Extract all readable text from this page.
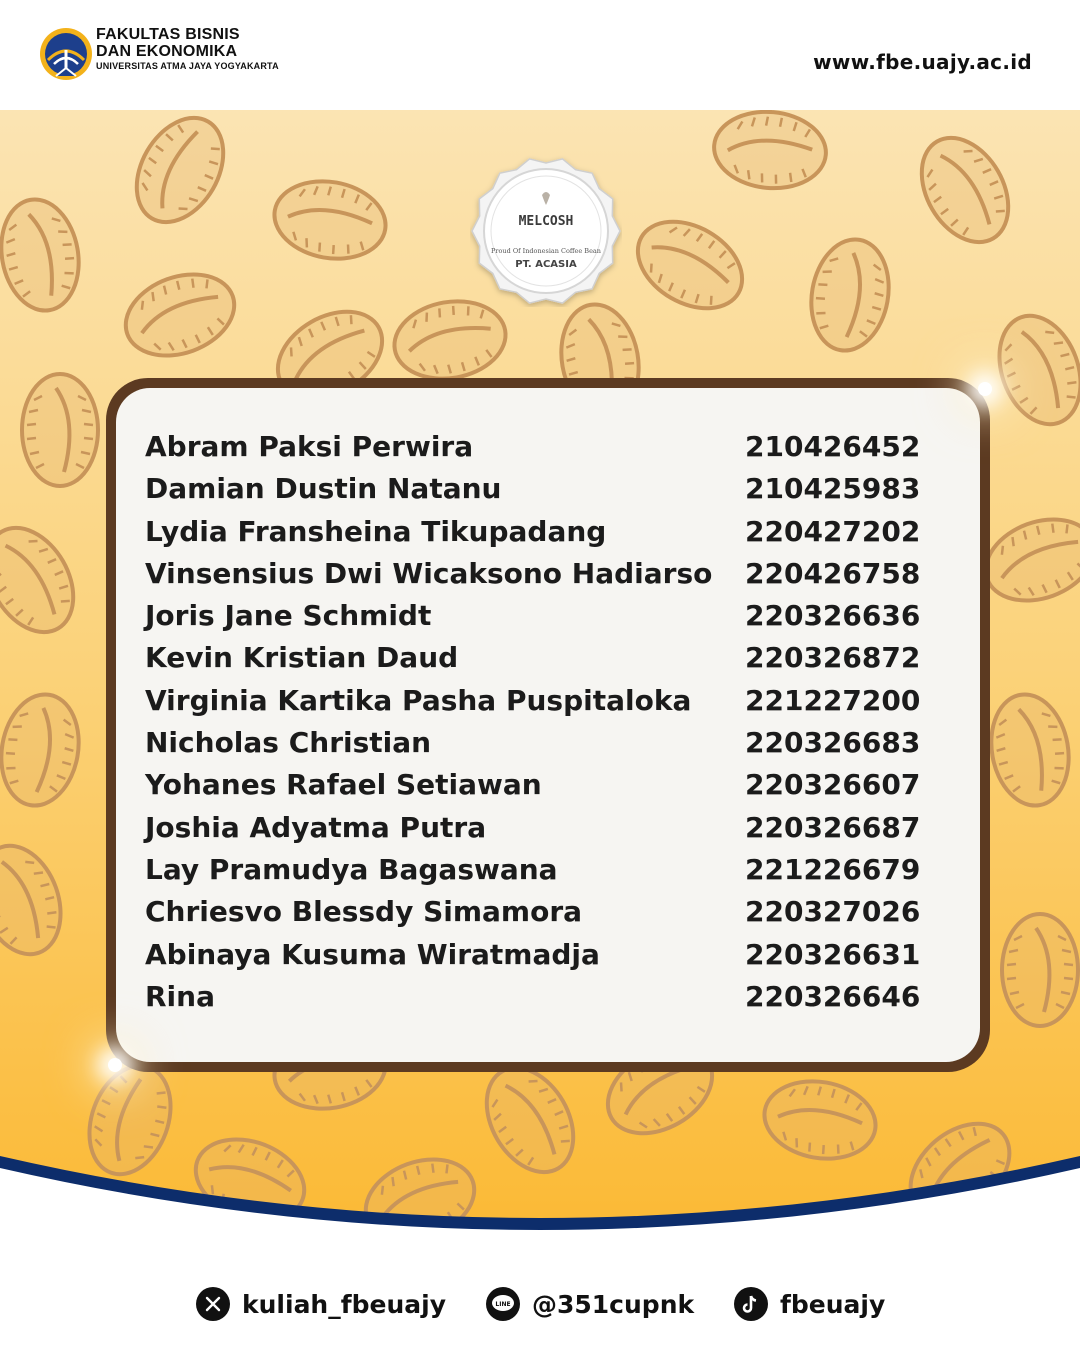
FAKULTAS BISNIS
DAN EKONOMIKA
UNIVERSITAS ATMA JAYA YOGYAKARTA	www.fbe.uajy.ac.id
MELCOSH
Proud Of Indonesian Coffee Bean
PT. ACASIA
Abram Paksi Perwira	210426452
Damian Dustin Natanu	210425983
Lydia Fransheina Tikupadang	220427202
Vinsensius Dwi Wicaksono Hadiarso 220426758
Joris Jane Schmidt	220326636
Kevin Kristian Daud	220326872
Virginia Kartika Pasha Puspitaloka 221227200
Nicholas Christian	220326683
Yohanes Rafael Setiawan	220326607
Joshia Adyatma Putra	220326687
Lay Pramudya Bagaswana	221226679
Chriesvo Blessdy Simamora	220327026
Abinaya Kusuma Wiratmadja	220326631
Rina	220326646
kuliah_fbeuajy	LINE @351cupnk	fbeuajy
